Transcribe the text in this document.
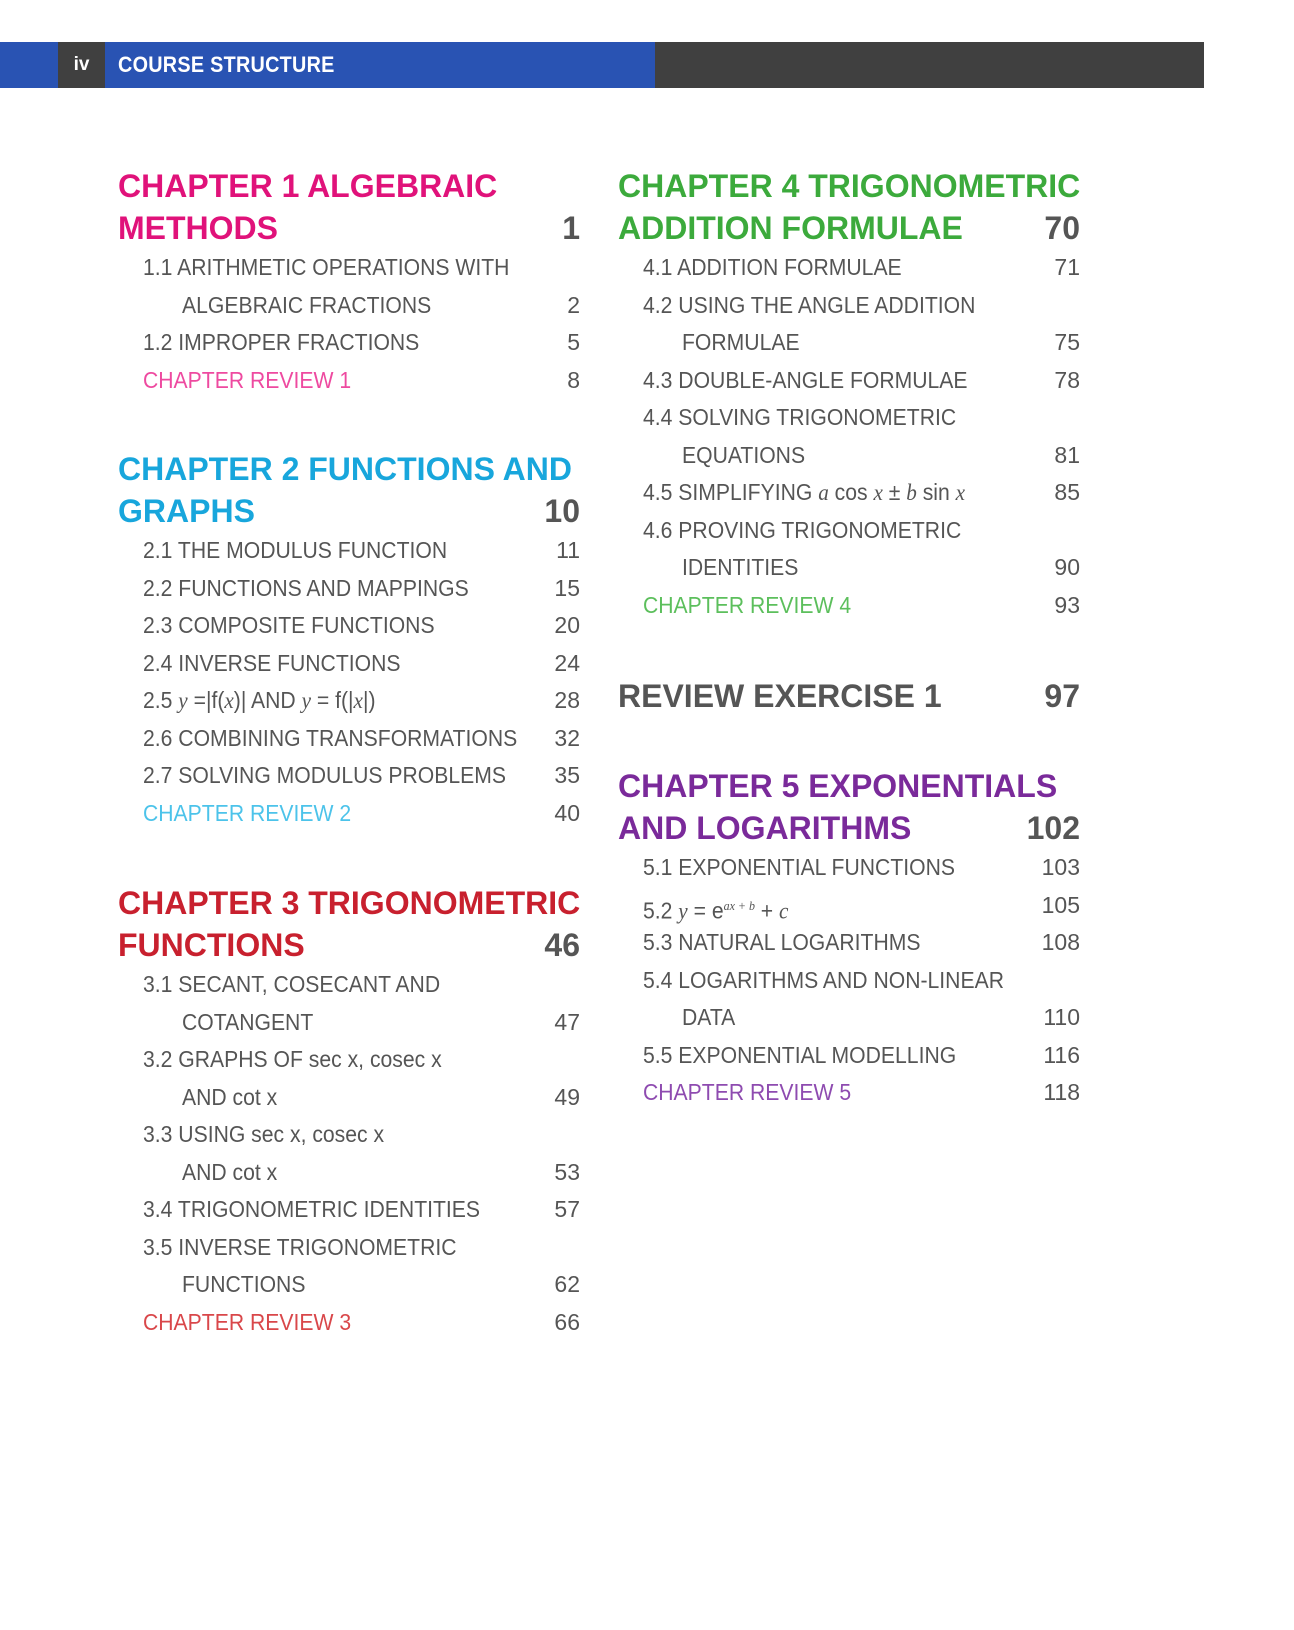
iv	COURSE STRUCTURE
CHAPTER 1 ALGEBRAIC
METHODS	1
1.1 ARITHMETIC OPERATIONS WITH
ALGEBRAIC FRACTIONS	2
1.2 IMPROPER FRACTIONS	5
CHAPTER REVIEW 1	8
CHAPTER 2 FUNCTIONS AND
GRAPHS	10
2.1 THE MODULUS FUNCTION	11
2.2 FUNCTIONS AND MAPPINGS	15
2.3 COMPOSITE FUNCTIONS	20
2.4 INVERSE FUNCTIONS	24
2.5 y =|f(x)| AND y = f(|x|)	28
2.6 COMBINING TRANSFORMATIONS 32
2.7 SOLVING MODULUS PROBLEMS 35
CHAPTER REVIEW 2	40
CHAPTER 3 TRIGONOMETRIC
FUNCTIONS	46
3.1 SECANT, COSECANT AND
COTANGENT	47
3.2 GRAPHS OF sec x, cosec x
AND cot x	49
3.3 USING sec x, cosec x
AND cot x	53
3.4 TRIGONOMETRIC IDENTITIES	57
3.5 INVERSE TRIGONOMETRIC
FUNCTIONS	62
CHAPTER REVIEW 3	66
CHAPTER 4 TRIGONOMETRIC
ADDITION FORMULAE	70
4.1 ADDITION FORMULAE	71
4.2 USING THE ANGLE ADDITION
FORMULAE	75
4.3 DOUBLE-ANGLE FORMULAE	78
4.4 SOLVING TRIGONOMETRIC
EQUATIONS	81
4.5 SIMPLIFYING a cos x ± b sin x	85
4.6 PROVING TRIGONOMETRIC
IDENTITIES	90
CHAPTER REVIEW 4	93
REVIEW EXERCISE 1	97
CHAPTER 5 EXPONENTIALS
AND LOGARITHMS	102
5.1 EXPONENTIAL FUNCTIONS	103
5.2 $y = e^{ax + b} + c$	105
5.3 NATURAL LOGARITHMS	108
5.4 LOGARITHMS AND NON-LINEAR
DATA	110
5.5 EXPONENTIAL MODELLING	116
CHAPTER REVIEW 5	118
